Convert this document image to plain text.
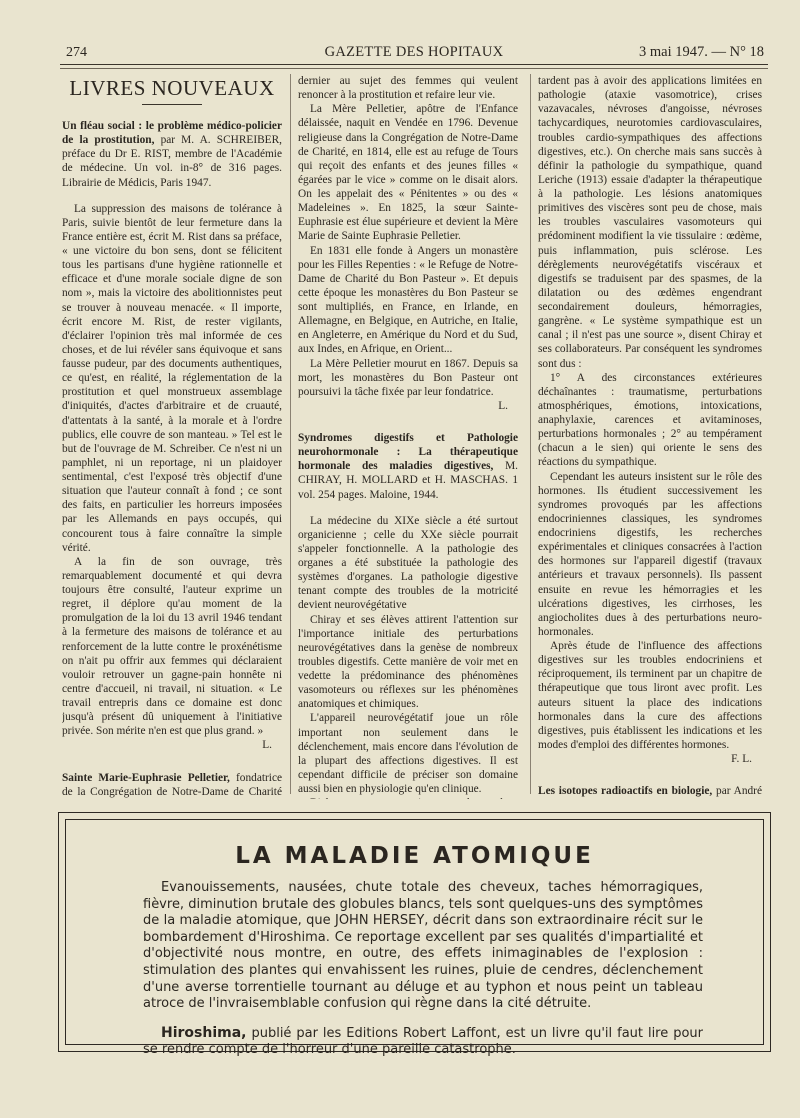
274	GAZETTE DES HOPITAUX	3 mai 1947. — N° 18
LIVRES NOUVEAUX

Un fléau social : le problème médico-policier de la prostitution, par M. A. SCHREIBER, préface du Dr E. RIST, membre de l'Académie de médecine. Un vol. in-8° de 316 pages. Librairie de Médicis, Paris 1947.

La suppression des maisons de tolérance à Paris, suivie bientôt de leur fermeture dans la France entière est, écrit M. Rist dans sa préface, « une victoire du bon sens, dont se félicitent tous les partisans d'une hygiène rationnelle et efficace et d'une morale sociale digne de son nom », mais la victoire des abolitionnistes peut se trouver à nouveau menacée. « Il importe, écrit encore M. Rist, de rester vigilants, d'éclairer l'opinion très mal informée de ces choses, et de lui révéler sans équivoque et sans fausse pudeur, par des documents authentiques, ce qu'est, en réalité, la réglementation de la prostitution et quel monstrueux assemblage d'iniquités, d'actes d'arbitraire et de cruauté, d'attentats à la santé, à la morale et à l'ordre publics, elle couvre de son manteau. » Tel est le but de l'ouvrage de M. Schreiber. Ce n'est ni un pamphlet, ni un reportage, ni un plaidoyer sentimental, c'est l'exposé très objectif d'une situation que l'auteur connaît à fond ; ce sont des faits, en particulier les horreurs imposées par les Allemands en pays occupés, qui concourent tous à faire connaître la simple vérité.

A la fin de son ouvrage, très remarquablement documenté et qui devra toujours être consulté, l'auteur exprime un regret, il déplore qu'au moment de la promulgation de la loi du 13 avril 1946 tendant à la fermeture des maisons de tolérance et au renforcement de la lutte contre le proxénétisme on n'ait pu offrir aux femmes qui déclaraient vouloir retrouver un gagne-pain honnête ni centre d'accueil, ni travail, ni situation. « Le travail entrepris dans ce domaine est donc jusqu'à présent dû uniquement à l'initiative privée. Son mérite n'en est que plus grand. »

L.

Sainte Marie-Euphrasie Pelletier, fondatrice de la Congrégation de Notre-Dame de Charité

dernier au sujet des femmes qui veulent renoncer à la prostitution et refaire leur vie.

La Mère Pelletier, apôtre de l'Enfance délaissée, naquit en Vendée en 1796. Devenue religieuse dans la Congrégation de Notre-Dame de Charité, en 1814, elle est au refuge de Tours qui reçoit des enfants et des jeunes filles « égarées par le vice » comme on le disait alors. On les appelait des « Pénitentes » ou des « Madeleines ». En 1825, la sœur Sainte-Euphrasie est élue supérieure et devient la Mère Marie de Sainte Euphrasie Pelletier.

En 1831 elle fonde à Angers un monastère pour les Filles Repenties : « le Refuge de Notre-Dame de Charité du Bon Pasteur ». Et depuis cette époque les monastères du Bon Pasteur se sont multipliés, en France, en Irlande, en Allemagne, en Belgique, en Autriche, en Italie, en Angleterre, en Amérique du Nord et du Sud, aux Indes, en Afrique, en Orient...

La Mère Pelletier mourut en 1867. Depuis sa mort, les monastères du Bon Pasteur ont poursuivi la tâche fixée par leur fondatrice.

L.

Syndromes digestifs et Pathologie neurohormonale : La thérapeutique hormonale des maladies digestives, M. CHIRAY, H. MOLLARD et H. MASCHAS. 1 vol. 254 pages. Maloine, 1944.

La médecine du XIXe siècle a été surtout organicienne ; celle du XXe siècle pourrait s'appeler fonctionnelle. A la pathologie des organes a été substituée la pathologie des systèmes d'organes. La pathologie digestive tenant compte des troubles de la motricité devient neurovégétative

Chiray et ses élèves attirent l'attention sur l'importance initiale des perturbations neurovégétatives dans la genèse de nombreux troubles digestifs. Cette manière de voir met en vedette la prédominance des phénomènes vasomoteurs ou réflexes sur les phénomènes anatomiques et chimiques.

L'appareil neurovégétatif joue un rôle important non seulement dans le déclenchement, mais encore dans l'évolution de la plupart des affections digestives. Il est cependant difficile de préciser son domaine aussi bien en physiologie qu'en clinique.

tardent pas à avoir des applications limitées en pathologie (ataxie vasomotrice), crises vazavacales, névroses d'angoisse, névroses tachycardiques, neurotomies cardiovasculaires, troubles cardio-sympathiques des affections digestives, etc.). On cherche mais sans succès à définir la pathologie du sympathique, quand Leriche (1913) essaie d'adapter la thérapeutique à la pathologie. Les lésions anatomiques primitives des viscères sont peu de chose, mais les troubles vasculaires vasomoteurs qui prédominent modifient la vie tissulaire : œdème, puis inflammation, puis sclérose. Les dérèglements neurovégétatifs viscéraux et digestifs se traduisent par des spasmes, de la dilatation ou des œdèmes engendrant secondairement douleurs, hémorragies, gangrène. « Le système sympathique est un canal ; il n'est pas une source », disent Chiray et ses collaborateurs. Par conséquent les syndromes sont dus :

1° A des circonstances extérieures déchaînantes : traumatisme, perturbations atmosphériques, émotions, intoxications, anaphylaxie, carences et avitaminoses, perturbations hormonales ; 2° au tempérament (chacun a le sien) qui oriente le sens des réactions du sympathique.

Cependant les auteurs insistent sur le rôle des hormones. Ils étudient successivement les syndromes provoqués par les affections endocriniennes classiques, les syndromes endocriniens digestifs, les recherches expérimentales et cliniques consacrées à l'action des hormones sur l'appareil digestif (travaux antérieurs et travaux personnels). Ils passent ensuite en revue les hémorragies et les ulcérations digestives, les cirrhoses, les angiocholites dues à des perturbations neuro-hormonales.

Après étude de l'influence des affections digestives sur les troubles endocriniens et réciproquement, ils terminent par un chapitre de thérapeutique que tous liront avec profit. Les auteurs situent la place des indications hormonales dans la cure des affections digestives, puis établissent les indications et les modes d'emploi des différentes hormones.

F. L.

Les isotopes radioactifs en biologie, par André

LA MALADIE ATOMIQUE

Evanouissements, nausées, chute totale des cheveux, taches hémorragiques, fièvre, diminution brutale des globules blancs, tels sont quelques-uns des symptômes de la maladie atomique, que JOHN HERSEY, décrit dans son extraordinaire récit sur le bombardement d'Hiroshima. Ce reportage excellent par ses qualités d'impartialité et d'objectivité nous montre, en outre, des effets inimaginables de l'explosion : stimulation des plantes qui envahissent les ruines, pluie de cendres, déclenchement d'une averse torrentielle tournant au déluge et au typhon et nous peint un tableau atroce de l'invraisemblable confusion qui règne dans la cité détruite.

Hiroshima, publié par les Editions Robert Laffont, est un livre qu'il faut lire pour se rendre compte de l'horreur d'une pareille catastrophe.
